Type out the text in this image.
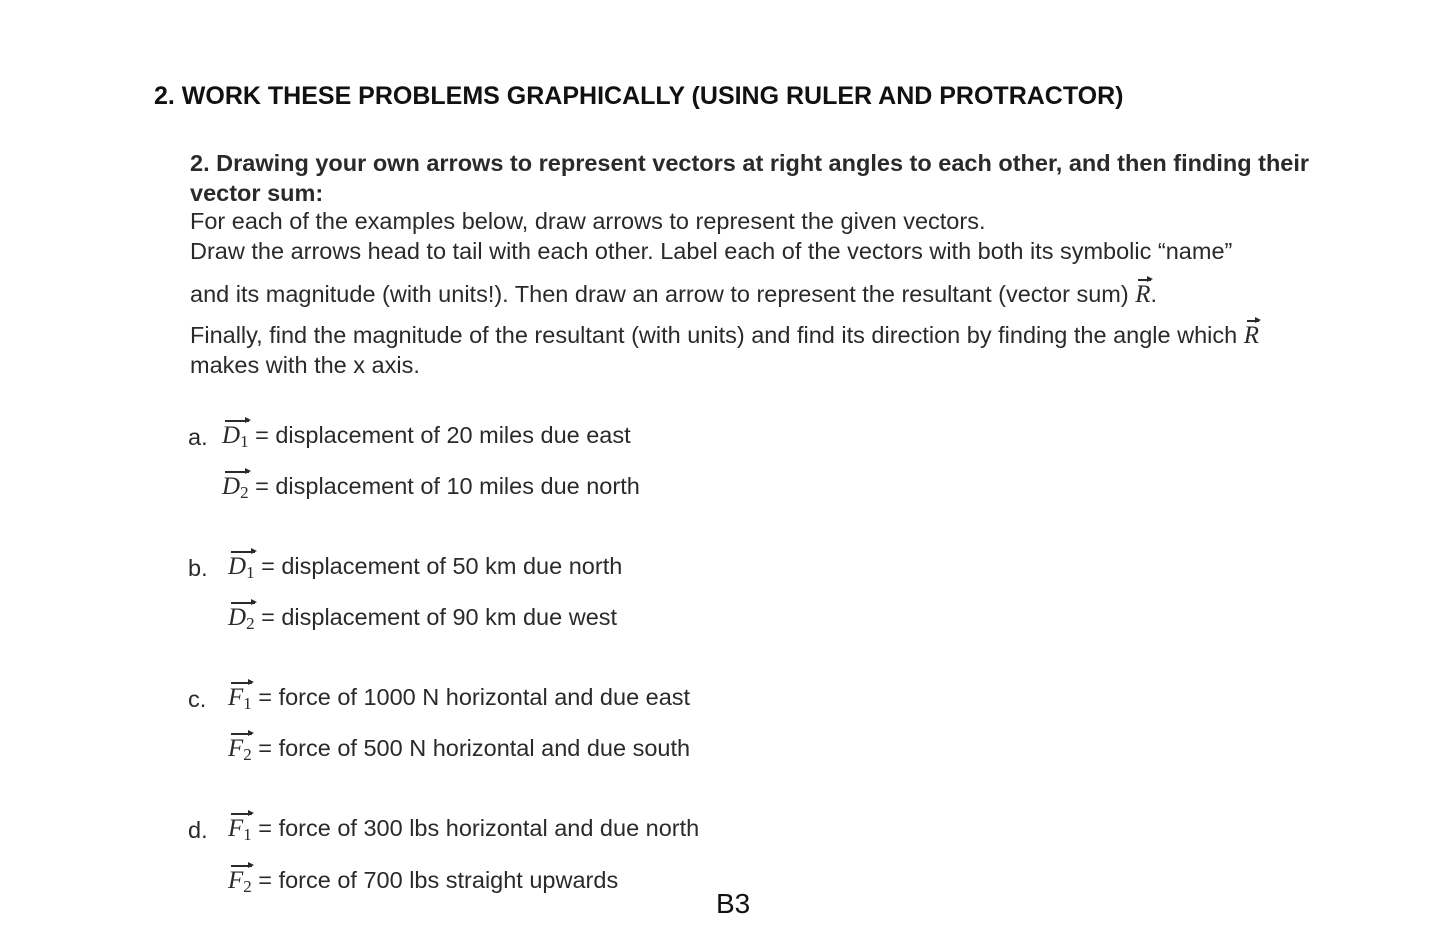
2. WORK THESE PROBLEMS GRAPHICALLY (USING RULER AND PROTRACTOR)
2. Drawing your own arrows to represent vectors at right angles to each other, and then finding their vector sum:
For each of the examples below, draw arrows to represent the given vectors.
Draw the arrows head to tail with each other. Label each of the vectors with both its symbolic “name”
and its magnitude (with units!). Then draw an arrow to represent the resultant (vector sum) R.
Finally, find the magnitude of the resultant (with units) and find its direction by finding the angle which R
makes with the x axis.
a. $D_1$ = displacement of 20 miles due east
$D_2$ = displacement of 10 miles due north
b. $D_1$ = displacement of 50 km due north
$D_2$ = displacement of 90 km due west
c. $F_1$ = force of 1000 N horizontal and due east
$F_2$ = force of 500 N horizontal and due south
d. $F_1$ = force of 300 lbs horizontal and due north
$F_2$ = force of 700 lbs straight upwards
B3
